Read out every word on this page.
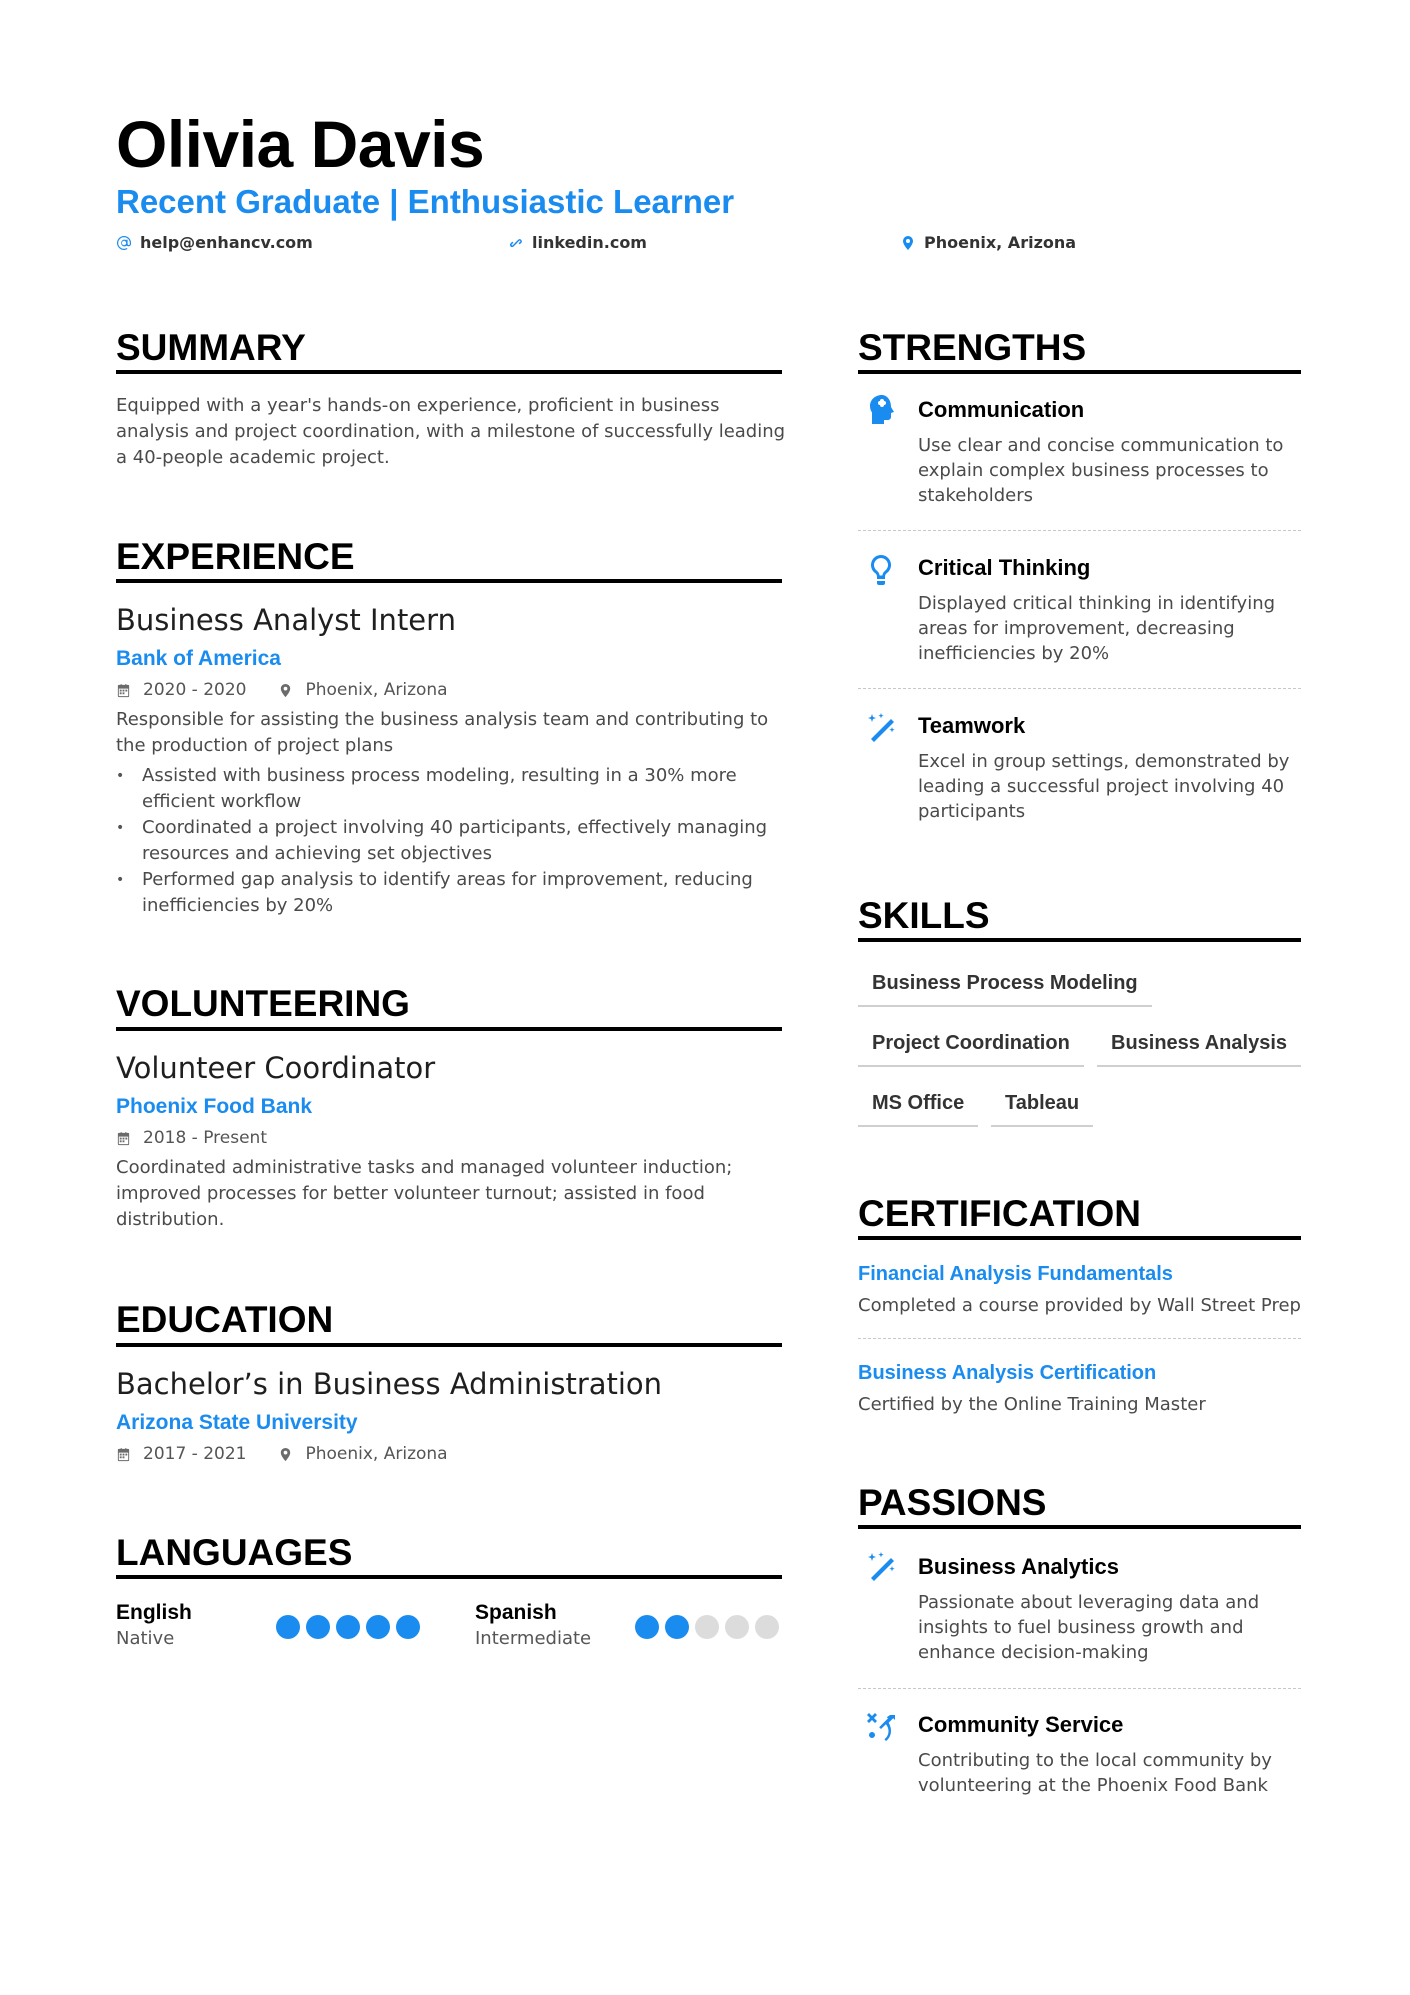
Olivia Davis
Recent Graduate | Enthusiastic Learner
help@enhancv.com	linkedin.com	Phoenix, Arizona
SUMMARY
Equipped with a year's hands-on experience, proficient in business analysis and project coordination, with a milestone of successfully leading a 40-people academic project.
EXPERIENCE
Business Analyst Intern
Bank of America
2020 - 2020	Phoenix, Arizona
Responsible for assisting the business analysis team and contributing to the production of project plans
• Assisted with business process modeling, resulting in a 30% more efficient workflow
• Coordinated a project involving 40 participants, effectively managing resources and achieving set objectives
• Performed gap analysis to identify areas for improvement, reducing inefficiencies by 20%
VOLUNTEERING
Volunteer Coordinator
Phoenix Food Bank
2018 - Present
Coordinated administrative tasks and managed volunteer induction; improved processes for better volunteer turnout; assisted in food distribution.
EDUCATION
Bachelor’s in Business Administration
Arizona State University
2017 - 2021	Phoenix, Arizona
LANGUAGES
English
Native
Spanish
Intermediate
STRENGTHS
Communication
Use clear and concise communication to explain complex business processes to stakeholders
Critical Thinking
Displayed critical thinking in identifying areas for improvement, decreasing inefficiencies by 20%
Teamwork
Excel in group settings, demonstrated by leading a successful project involving 40 participants
SKILLS
Business Process Modeling
Project Coordination	Business Analysis
MS Office	Tableau
CERTIFICATION
Financial Analysis Fundamentals
Completed a course provided by Wall Street Prep
Business Analysis Certification
Certified by the Online Training Master
PASSIONS
Business Analytics
Passionate about leveraging data and insights to fuel business growth and enhance decision-making
Community Service
Contributing to the local community by volunteering at the Phoenix Food Bank
